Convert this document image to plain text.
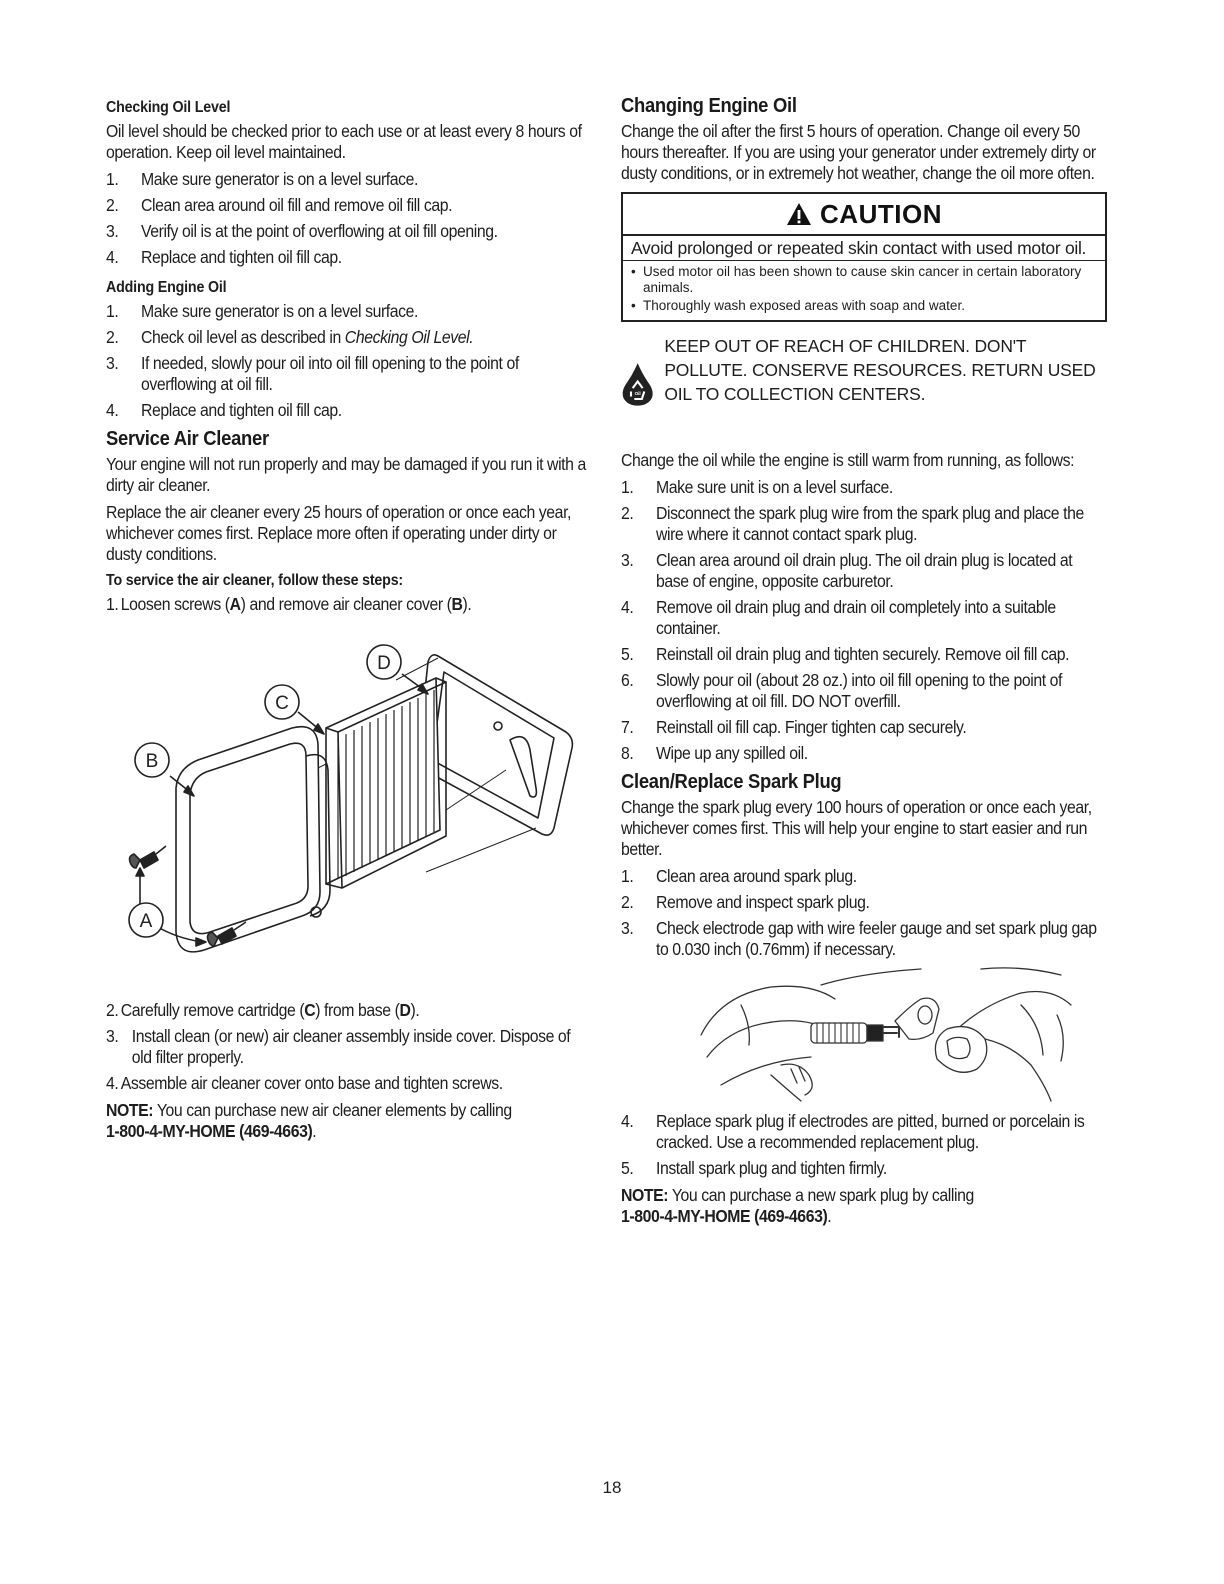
Checking Oil Level

Oil level should be checked prior to each use or at least every 8 hours of operation. Keep oil level maintained.

1. Make sure generator is on a level surface.
2. Clean area around oil fill and remove oil fill cap.
3. Verify oil is at the point of overflowing at oil fill opening.
4. Replace and tighten oil fill cap.
Adding Engine Oil
1. Make sure generator is on a level surface.
2. Check oil level as described in Checking Oil Level.
3. If needed, slowly pour oil into oil fill opening to the point of overflowing at oil fill.
4. Replace and tighten oil fill cap.
Service Air Cleaner

Your engine will not run properly and may be damaged if you run it with a dirty air cleaner.

Replace the air cleaner every 25 hours of operation or once each year, whichever comes first. Replace more often if operating under dirty or dusty conditions.

To service the air cleaner, follow these steps:
1. Loosen screws (A) and remove air cleaner cover (B).
D
C
B
A
2. Carefully remove cartridge (C) from base (D).
3. Install clean (or new) air cleaner assembly inside cover. Dispose of old filter properly.
4. Assemble air cleaner cover onto base and tighten screws.

NOTE: You can purchase new air cleaner elements by calling
1-800-4-MY-HOME (469-4663).

Changing Engine Oil

Change the oil after the first 5 hours of operation. Change oil every 50 hours thereafter. If you are using your generator under extremely dirty or dusty conditions, or in extremely hot weather, change the oil more often.

CAUTION
Avoid prolonged or repeated skin contact with used motor oil.
• Used motor oil has been shown to cause skin cancer in certain laboratory animals.
• Thoroughly wash exposed areas with soap and water.
Oil
KEEP OUT OF REACH OF CHILDREN. DON'T POLLUTE. CONSERVE RESOURCES. RETURN USED OIL TO COLLECTION CENTERS.

Change the oil while the engine is still warm from running, as follows:

1. Make sure unit is on a level surface.
2. Disconnect the spark plug wire from the spark plug and place the wire where it cannot contact spark plug.
3. Clean area around oil drain plug. The oil drain plug is located at base of engine, opposite carburetor.
4. Remove oil drain plug and drain oil completely into a suitable container.
5. Reinstall oil drain plug and tighten securely. Remove oil fill cap.
6. Slowly pour oil (about 28 oz.) into oil fill opening to the point of overflowing at oil fill. DO NOT overfill.
7. Reinstall oil fill cap. Finger tighten cap securely.
8. Wipe up any spilled oil.
Clean/Replace Spark Plug

Change the spark plug every 100 hours of operation or once each year, whichever comes first. This will help your engine to start easier and run better.

1. Clean area around spark plug.
2. Remove and inspect spark plug.
3. Check electrode gap with wire feeler gauge and set spark plug gap to 0.030 inch (0.76mm) if necessary.
4. Replace spark plug if electrodes are pitted, burned or porcelain is cracked. Use a recommended replacement plug.
5. Install spark plug and tighten firmly.

NOTE: You can purchase a new spark plug by calling
1-800-4-MY-HOME (469-4663).

18
